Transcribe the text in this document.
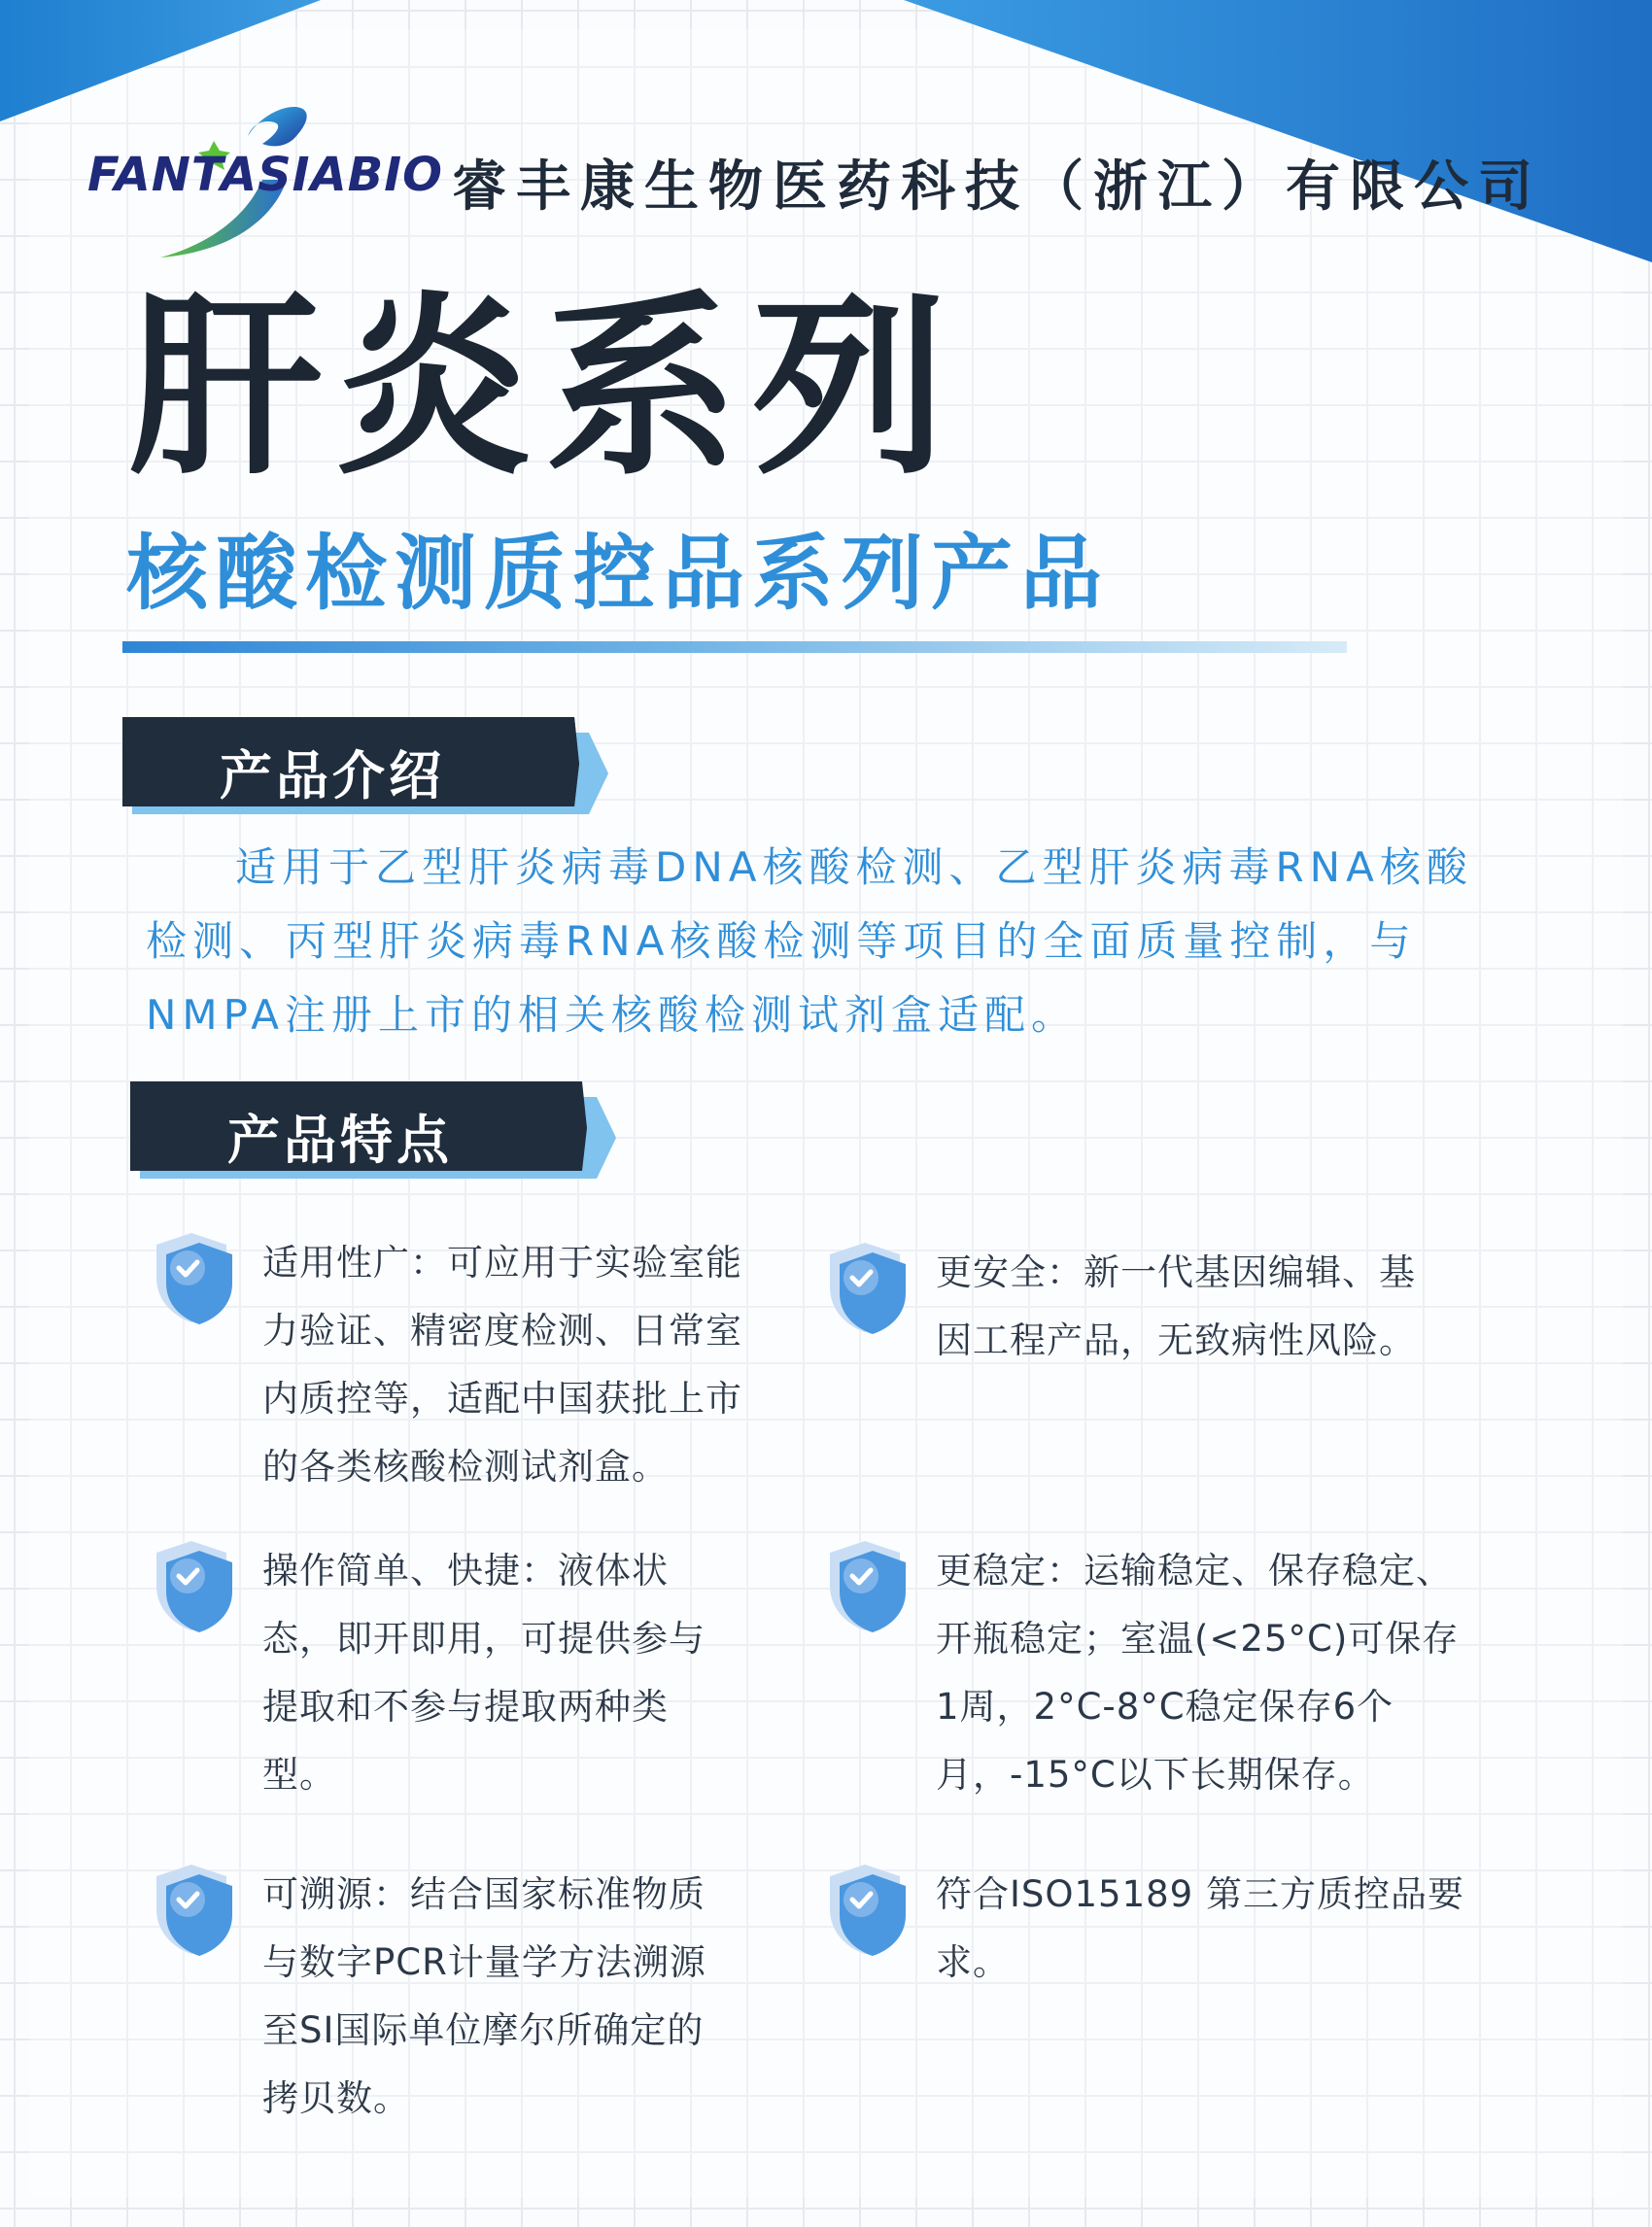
FANTASIABIO 睿丰康生物医药科技（浙江）有限公司
肝炎系列
核酸检测质控品系列产品
产品介绍
适用于乙型肝炎病毒DNA核酸检测、乙型肝炎病毒RNA核酸检测、丙型肝炎病毒RNA核酸检测等项目的全面质量控制，与NMPA注册上市的相关核酸检测试剂盒适配。
产品特点
适用性广：可应用于实验室能力验证、精密度检测、日常室内质控等，适配中国获批上市的各类核酸检测试剂盒。
更安全：新一代基因编辑、基因工程产品，无致病性风险。
操作简单、快捷：液体状态，即开即用，可提供参与提取和不参与提取两种类型。
更稳定：运输稳定、保存稳定、开瓶稳定；室温(<25°C)可保存1周，2°C-8°C稳定保存6个月，-15°C以下长期保存。
可溯源：结合国家标准物质与数字PCR计量学方法溯源至SI国际单位摩尔所确定的拷贝数。
符合ISO15189 第三方质控品要求。
